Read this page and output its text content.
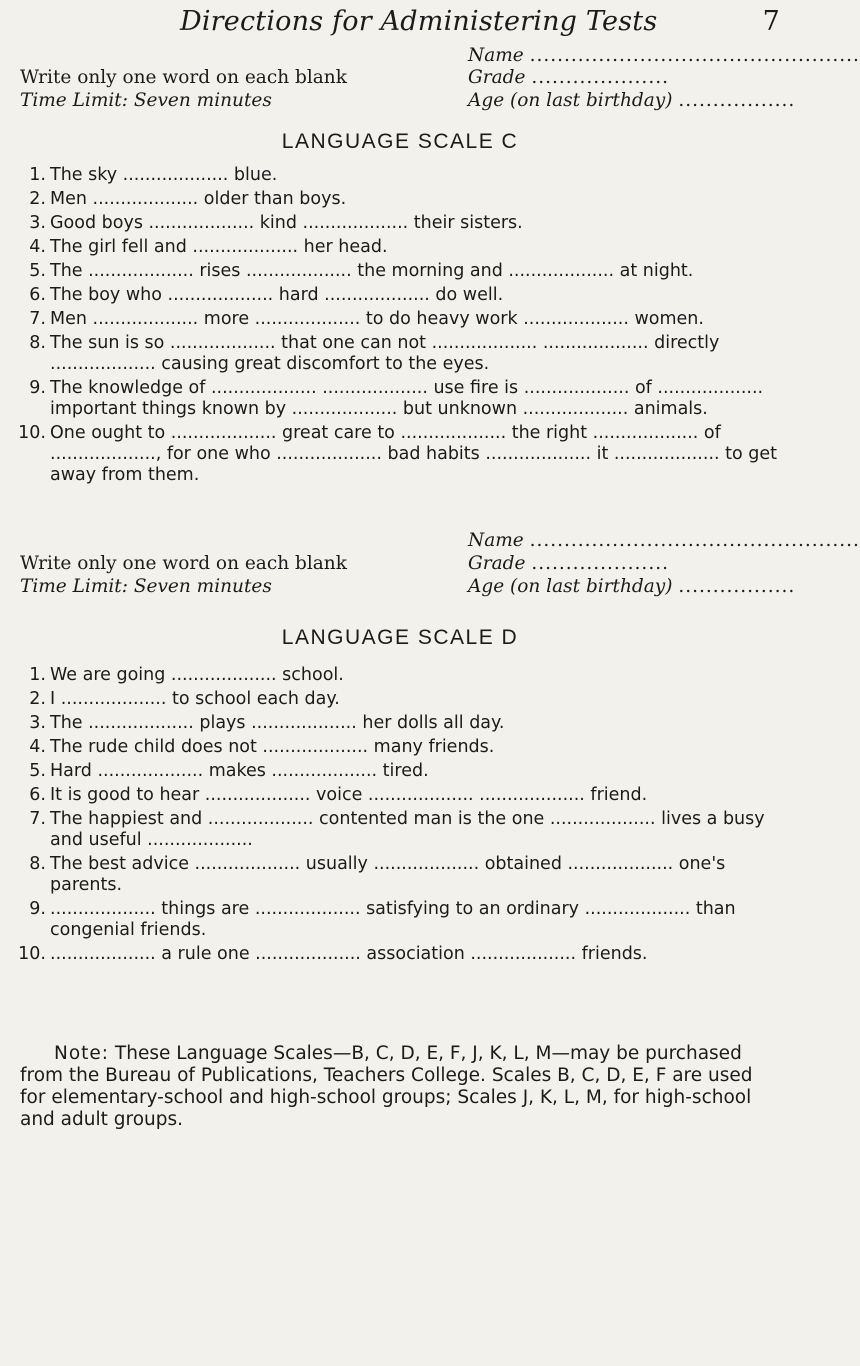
Directions for Administering Tests	7
Name ................................................
Write only one word on each blank	Grade ....................
Time Limit: Seven minutes	Age (on last birthday) .................
LANGUAGE SCALE C
1. The sky ................... blue.
2. Men ................... older than boys.
3. Good boys ................... kind ................... their sisters.
4. The girl fell and ................... her head.
5. The ................... rises ................... the morning and ................... at night.
6. The boy who ................... hard ................... do well.
7. Men ................... more ................... to do heavy work ................... women.
8. The sun is so ................... that one can not ................... ................... directly ................... causing great discomfort to the eyes.
9. The knowledge of ................... ................... use fire is ................... of ................... important things known by ................... but unknown ................... animals.
10. One ought to ................... great care to ................... the right ................... of ..................., for one who ................... bad habits ................... it ................... to get away from them.
Name ................................................
Write only one word on each blank	Grade ....................
Time Limit: Seven minutes	Age (on last birthday) .................
LANGUAGE SCALE D
1. We are going ................... school.
2. I ................... to school each day.
3. The ................... plays ................... her dolls all day.
4. The rude child does not ................... many friends.
5. Hard ................... makes ................... tired.
6. It is good to hear ................... voice ................... ................... friend.
7. The happiest and ................... contented man is the one ................... lives a busy and useful ...................
8. The best advice ................... usually ................... obtained ................... one's parents.
9. ................... things are ................... satisfying to an ordinary ................... than congenial friends.
10. ................... a rule one ................... association ................... friends.
Note: These Language Scales—B, C, D, E, F, J, K, L, M—may be purchased from the Bureau of Publications, Teachers College. Scales B, C, D, E, F are used for elementary-school and high-school groups; Scales J, K, L, M, for high-school and adult groups.
